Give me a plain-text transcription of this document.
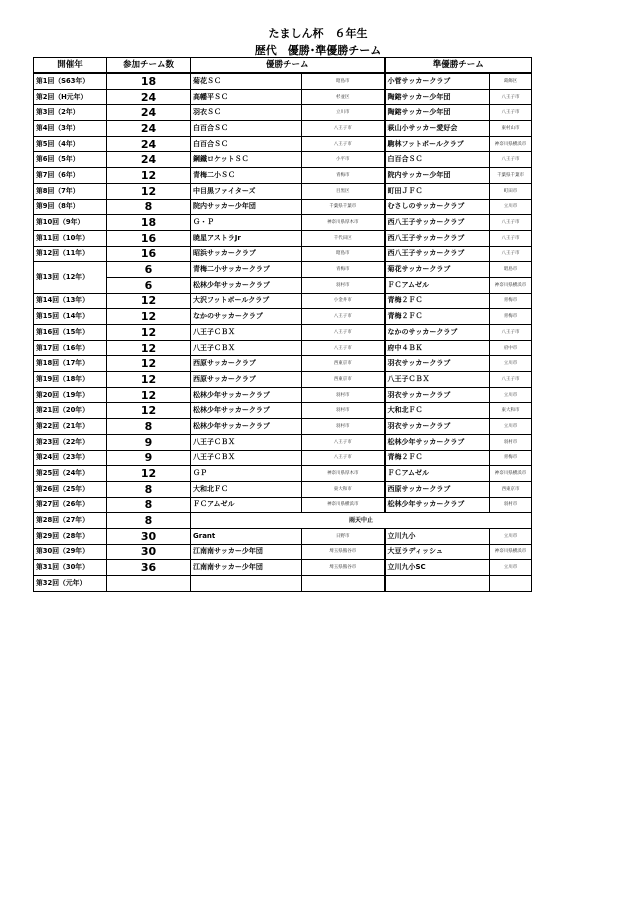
たましん杯　６年生
歴代　優勝･準優勝チーム
開催年	参加チーム数	優勝チーム		準優勝チーム	
第1回（S63年）	18	菊花ＳＣ	昭島市	小菅サッカークラブ	葛飾区
第2回（H元年）	24	高幡平ＳＣ	杉並区	陶鎔サッカー少年団	八王子市
第3回（2年）	24	羽衣ＳＣ	立川市	陶鎔サッカー少年団	八王子市
第4回（3年）	24	白百合ＳＣ	八王子市	萩山小サッカー愛好会	東村山市
第5回（4年）	24	白百合ＳＣ	八王子市	駒林フットボールクラブ	神奈川県横浜市
第6回（5年）	24	鋼鐵ロケットＳＣ	小平市	白百合ＳＣ	八王子市
第7回（6年）	12	青梅二小ＳＣ	青梅市	院内サッカー少年団	千葉県千葉市
第8回（7年）	12	中目黒ファイターズ	目黒区	町田ＪＦＣ	町田市
第9回（8年）	8	院内サッカー少年団	千葉県千葉市	むさしのサッカークラブ	立川市
第10回（9年）	18	Ｇ・Ｐ	神奈川県厚木市	西八王子サッカークラブ	八王子市
第11回（10年）	16	暁星アストラJr	千代田区	西八王子サッカークラブ	八王子市
第12回（11年）	16	昭浜サッカークラブ	昭島市	西八王子サッカークラブ	八王子市
第13回（12年）	6	青梅二小サッカークラブ	青梅市	菊花サッカークラブ	昭島市
	6	松林少年サッカークラブ	羽村市	ＦＣアムゼル	神奈川県横浜市
第14回（13年）	12	大沢フットボールクラブ	小金井市	青梅２ＦＣ	青梅市
第15回（14年）	12	なかのサッカークラブ	八王子市	青梅２ＦＣ	青梅市
第16回（15年）	12	八王子ＣＢＸ	八王子市	なかのサッカークラブ	八王子市
第17回（16年）	12	八王子ＣＢＸ	八王子市	府中４ＢＫ	府中市
第18回（17年）	12	西原サッカークラブ	西東京市	羽衣サッカークラブ	立川市
第19回（18年）	12	西原サッカークラブ	西東京市	八王子ＣＢＸ	八王子市
第20回（19年）	12	松林少年サッカークラブ	羽村市	羽衣サッカークラブ	立川市
第21回（20年）	12	松林少年サッカークラブ	羽村市	大和北ＦＣ	東大和市
第22回（21年）	8	松林少年サッカークラブ	羽村市	羽衣サッカークラブ	立川市
第23回（22年）	9	八王子ＣＢＸ	八王子市	松林少年サッカークラブ	羽村市
第24回（23年）	9	八王子ＣＢＸ	八王子市	青梅２ＦＣ	青梅市
第25回（24年）	12	ＧＰ	神奈川県厚木市	ＦＣアムゼル	神奈川県横浜市
第26回（25年）	8	大和北ＦＣ	東大和市	西原サッカークラブ	西東京市
第27回（26年）	8	ＦＣアムゼル	神奈川県横浜市	松林少年サッカークラブ	羽村市
第28回（27年）	8	雨天中止			
第29回（28年）	30	Grant	日野市	立川九小	立川市
第30回（29年）	30	江南南サッカー少年団	埼玉県熊谷市	大豆ラディッシュ	神奈川県横浜市
第31回（30年）	36	江南南サッカー少年団	埼玉県熊谷市	立川九小SC	立川市
第32回（元年）					
